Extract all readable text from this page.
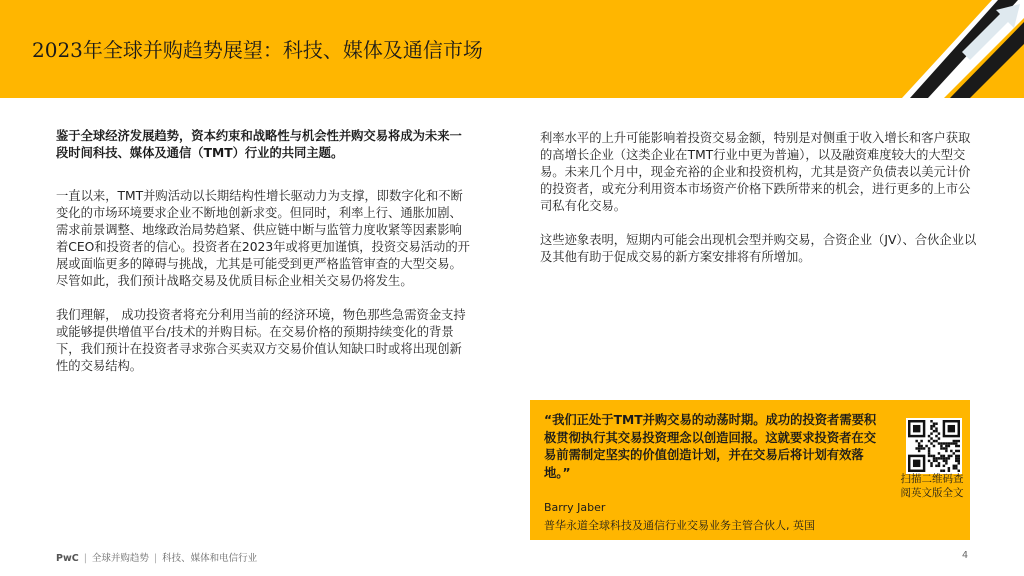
2023年全球并购趋势展望：科技、媒体及通信市场

鉴于全球经济发展趋势，资本约束和战略性与机会性并购交易将成为未来一段时间科技、媒体及通信（TMT）行业的共同主题。

一直以来，TMT并购活动以长期结构性增长驱动力为支撑，即数字化和不断变化的市场环境要求企业不断地创新求变。但同时，利率上行、通胀加剧、需求前景调整、地缘政治局势趋紧、供应链中断与监管力度收紧等因素影响着CEO和投资者的信心。投资者在2023年或将更加谨慎，投资交易活动的开展或面临更多的障碍与挑战，尤其是可能受到更严格监管审查的大型交易。尽管如此，我们预计战略交易及优质目标企业相关交易仍将发生。

我们理解， 成功投资者将充分利用当前的经济环境，物色那些急需资金支持或能够提供增值平台/技术的并购目标。在交易价格的预期持续变化的背景下，我们预计在投资者寻求弥合买卖双方交易价值认知缺口时或将出现创新性的交易结构。

利率水平的上升可能影响着投资交易金额，特别是对侧重于收入增长和客户获取的高增长企业（这类企业在TMT行业中更为普遍），以及融资难度较大的大型交易。未来几个月中，现金充裕的企业和投资机构，尤其是资产负债表以美元计价的投资者，或充分利用资本市场资产价格下跌所带来的机会，进行更多的上市公司私有化交易。

这些迹象表明，短期内可能会出现机会型并购交易，合资企业（JV）、合伙企业以及其他有助于促成交易的新方案安排将有所增加。

“我们正处于TMT并购交易的动荡时期。成功的投资者需要积极贯彻执行其交易投资理念以创造回报。这就要求投资者在交易前需制定坚实的价值创造计划，并在交易后将计划有效落地。”
Barry Jaber
普华永道全球科技及通信行业交易业务主管合伙人, 英国
扫描二维码查阅英文版全文
PwC | 全球并购趋势 | 科技、媒体和电信行业	4
